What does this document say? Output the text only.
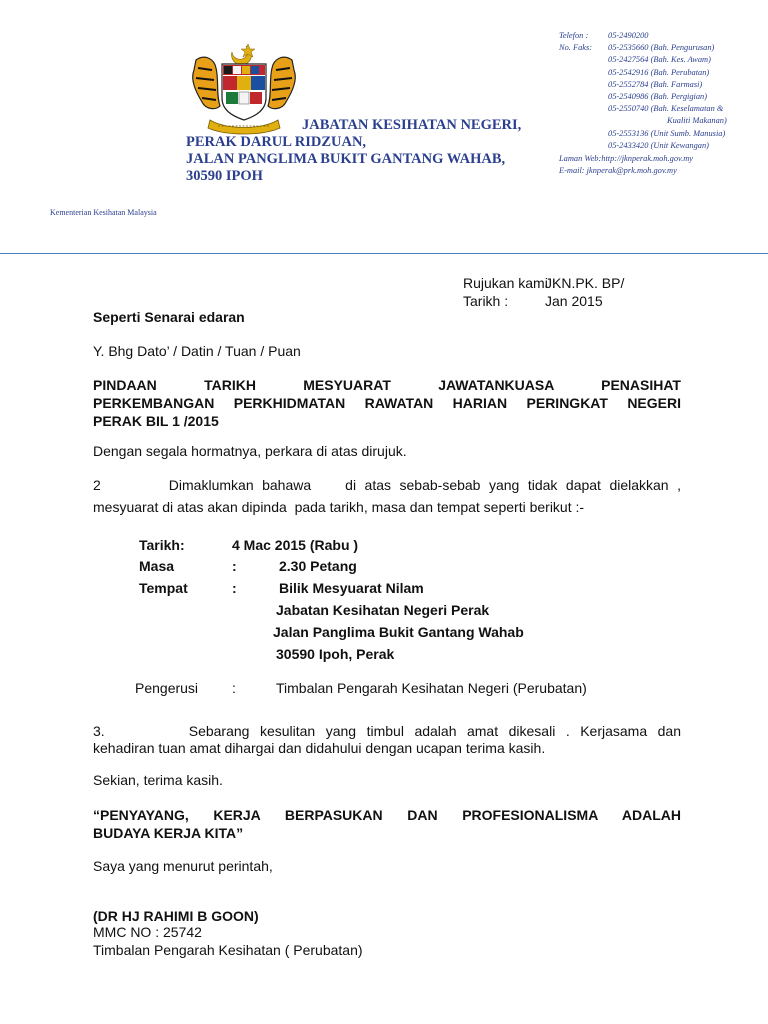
JABATAN KESIHATAN NEGERI,
PERAK DARUL RIDZUAN,
JALAN PANGLIMA BUKIT GANTANG WAHAB,
30590 IPOH
Kementerian Kesihatan Malaysia
Telefon :	05-2490200
No. Faks:	05-2535660 (Bah. Pengurusan)
05-2427564 (Bah. Kes. Awam)
05-2542916 (Bah. Perubatan)
05-2552784 (Bah. Farmasi)
05-2540986 (Bah. Pergigian)
05-2550740 (Bah. Keselamatan &
Kualiti Makanan)
05-2553136 (Unit Sumb. Manusia)
05-2433420 (Unit Kewangan)
Laman Web:http://jknperak.moh.gov.my
E-mail: jknperak@prk.moh.gov.my
Rujukan kami :
JKN.PK. BP/
Tarikh :	Jan 2015
Seperti Senarai edaran
Y. Bhg Dato’ / Datin / Tuan / Puan
PINDAAN TARIKH MESYUARAT JAWATANKUASA PENASIHAT
PERKEMBANGAN PERKHIDMATAN RAWATAN HARIAN PERINGKAT NEGERI
PERAK BIL 1 /2015
Dengan segala hormatnya, perkara di atas dirujuk.
2        Dimaklumkan bahawa    di atas sebab-sebab yang tidak dapat dielakkan ,
mesyuarat di atas akan dipinda  pada tarikh, masa dan tempat seperti berikut :-
Tarikh:	4 Mac 2015 (Rabu )
Masa	:	2.30 Petang
Tempat	:	Bilik Mesyuarat Nilam
Jabatan Kesihatan Negeri Perak
Jalan Panglima Bukit Gantang Wahab
30590 Ipoh, Perak
Pengerusi :	Timbalan Pengarah Kesihatan Negeri (Perubatan)
3.        Sebarang kesulitan yang timbul adalah amat dikesali . Kerjasama dan
kehadiran tuan amat dihargai dan didahului dengan ucapan terima kasih.
Sekian, terima kasih.
“PENYAYANG, KERJA BERPASUKAN DAN PROFESIONALISMA ADALAH
BUDAYA KERJA KITA”
Saya yang menurut perintah,
(DR HJ RAHIMI B GOON)
MMC NO : 25742
Timbalan Pengarah Kesihatan ( Perubatan)
